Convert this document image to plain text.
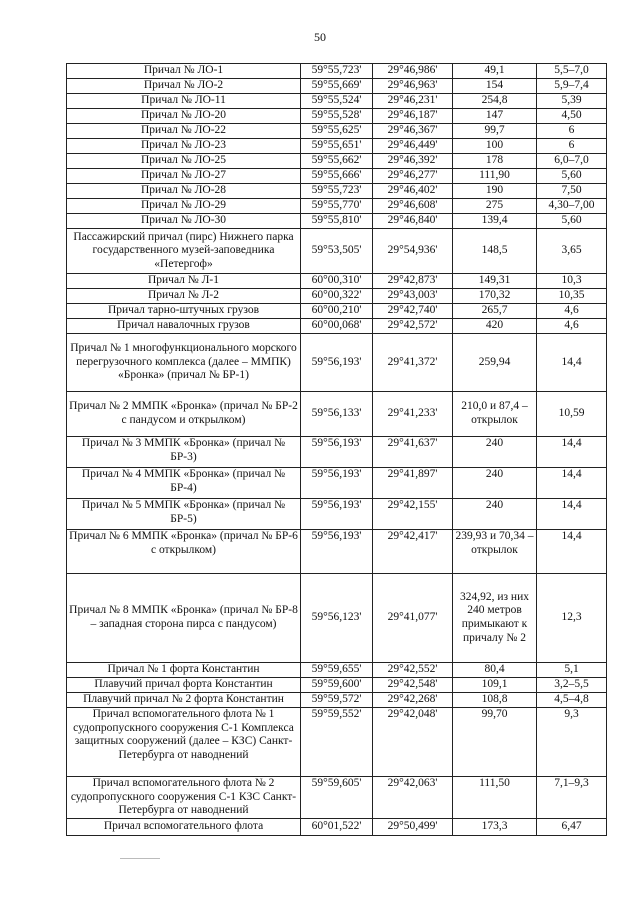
50
Причал № ЛО-1	59°55,723'	29°46,986'	49,1	5,5–7,0
Причал № ЛО-2	59°55,669'	29°46,963'	154	5,9–7,4
Причал № ЛО-11	59°55,524'	29°46,231'	254,8	5,39
Причал № ЛО-20	59°55,528'	29°46,187'	147	4,50
Причал № ЛО-22	59°55,625'	29°46,367'	99,7	6
Причал № ЛО-23	59°55,651'	29°46,449'	100	6
Причал № ЛО-25	59°55,662'	29°46,392'	178	6,0–7,0
Причал № ЛО-27	59°55,666'	29°46,277'	111,90	5,60
Причал № ЛО-28	59°55,723'	29°46,402'	190	7,50
Причал № ЛО-29	59°55,770'	29°46,608'	275	4,30–7,00
Причал № ЛО-30	59°55,810'	29°46,840'	139,4	5,60
Пассажирский причал (пирс) Нижнего парка государственного музей-заповедника «Петергоф»	59°53,505'	29°54,936'	148,5	3,65
Причал № Л-1	60°00,310'	29°42,873'	149,31	10,3
Причал № Л-2	60°00,322'	29°43,003'	170,32	10,35
Причал тарно-штучных грузов	60°00,210'	29°42,740'	265,7	4,6
Причал навалочных грузов	60°00,068'	29°42,572'	420	4,6
Причал № 1 многофункционального морского перегрузочного комплекса (далее – ММПК) «Бронка» (причал № БР-1)	59°56,193'	29°41,372'	259,94	14,4
Причал № 2 ММПК «Бронка» (причал № БР-2 с пандусом и открылком)	59°56,133'	29°41,233'	210,0 и 87,4 – открылок	10,59
Причал № 3 ММПК «Бронка» (причал № БР-3)	59°56,193'	29°41,637'	240	14,4
Причал № 4 ММПК «Бронка» (причал № БР-4)	59°56,193'	29°41,897'	240	14,4
Причал № 5 ММПК «Бронка» (причал № БР-5)	59°56,193'	29°42,155'	240	14,4
Причал № 6 ММПК «Бронка» (причал № БР-6 с открылком)	59°56,193'	29°42,417'	239,93 и 70,34 – открылок	14,4
Причал № 8 ММПК «Бронка» (причал № БР-8 – западная сторона пирса с пандусом)	59°56,123'	29°41,077'	324,92, из них 240 метров примыкают к причалу № 2	12,3
Причал № 1 форта Константин	59°59,655'	29°42,552'	80,4	5,1
Плавучий причал форта Константин	59°59,600'	29°42,548'	109,1	3,2–5,5
Плавучий причал № 2 форта Константин	59°59,572'	29°42,268'	108,8	4,5–4,8
Причал вспомогательного флота № 1 судопропускного сооружения С-1 Комплекса защитных сооружений (далее – КЗС) Санкт-Петербурга от наводнений	59°59,552'	29°42,048'	99,70	9,3
Причал вспомогательного флота № 2 судопропускного сооружения С-1 КЗС Санкт-Петербурга от наводнений	59°59,605'	29°42,063'	111,50	7,1–9,3
Причал вспомогательного флота	60°01,522'	29°50,499'	173,3	6,47
